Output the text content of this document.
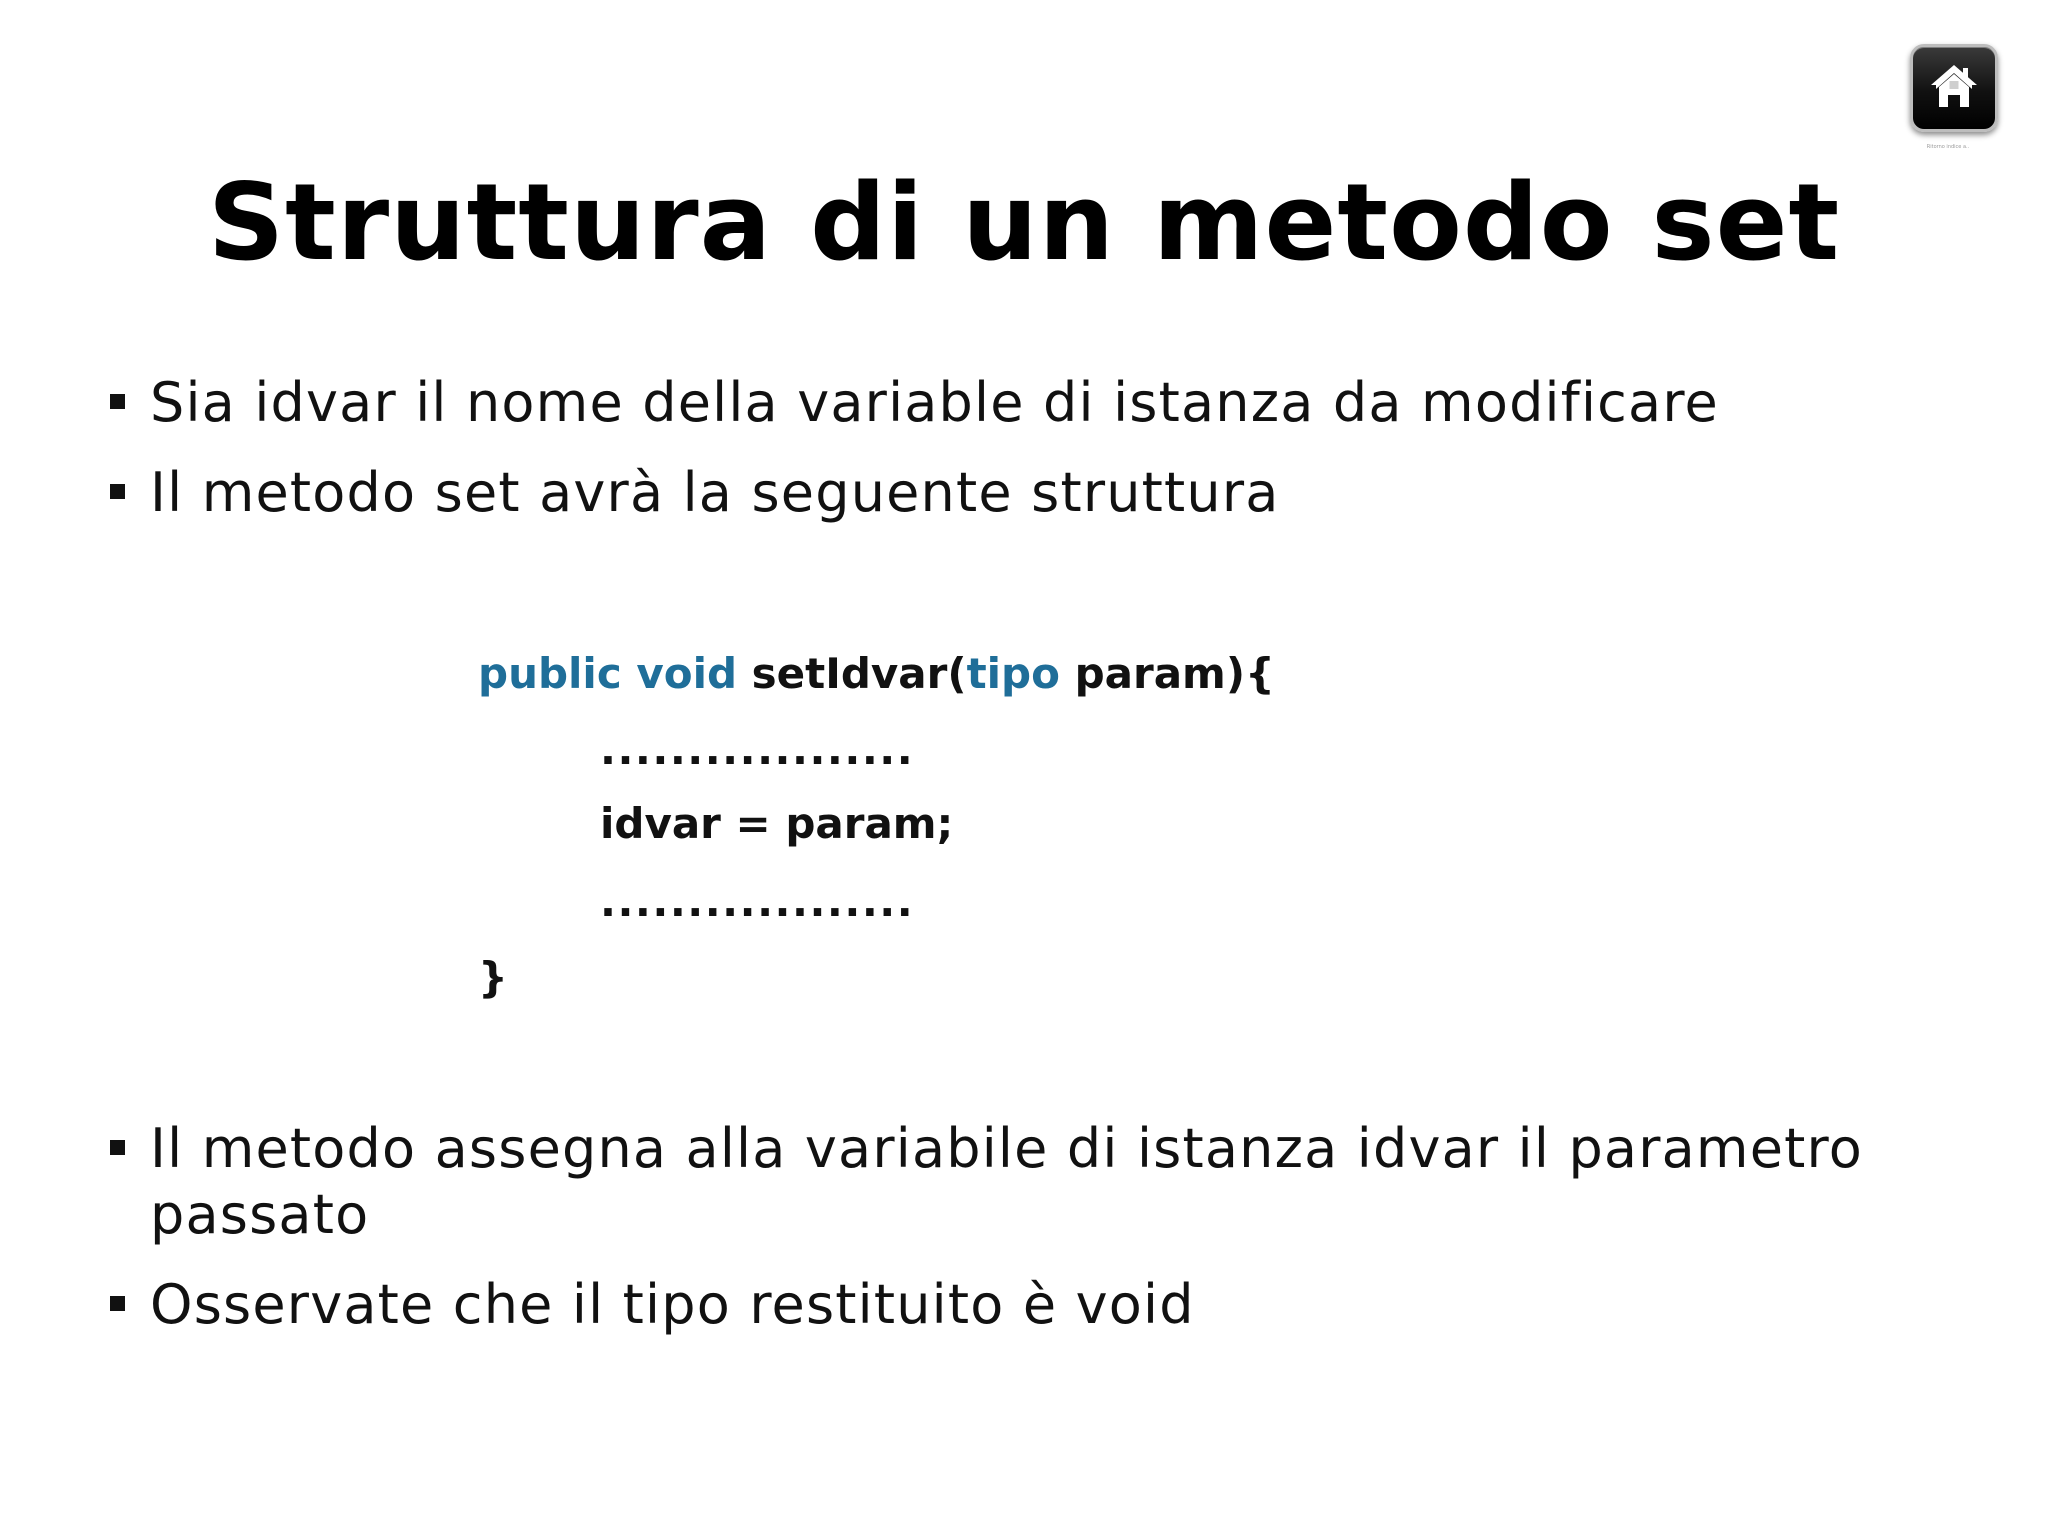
Ritorno indice a..
Struttura di un metodo set
Sia idvar il nome della variable di istanza da modificare
Il metodo set avrà la seguente struttura

public void setIdvar(tipo param){

..................

idvar = param;

..................

}

Il metodo assegna alla variabile di istanza idvar il parametro passato
Osservate che il tipo restituito è void
